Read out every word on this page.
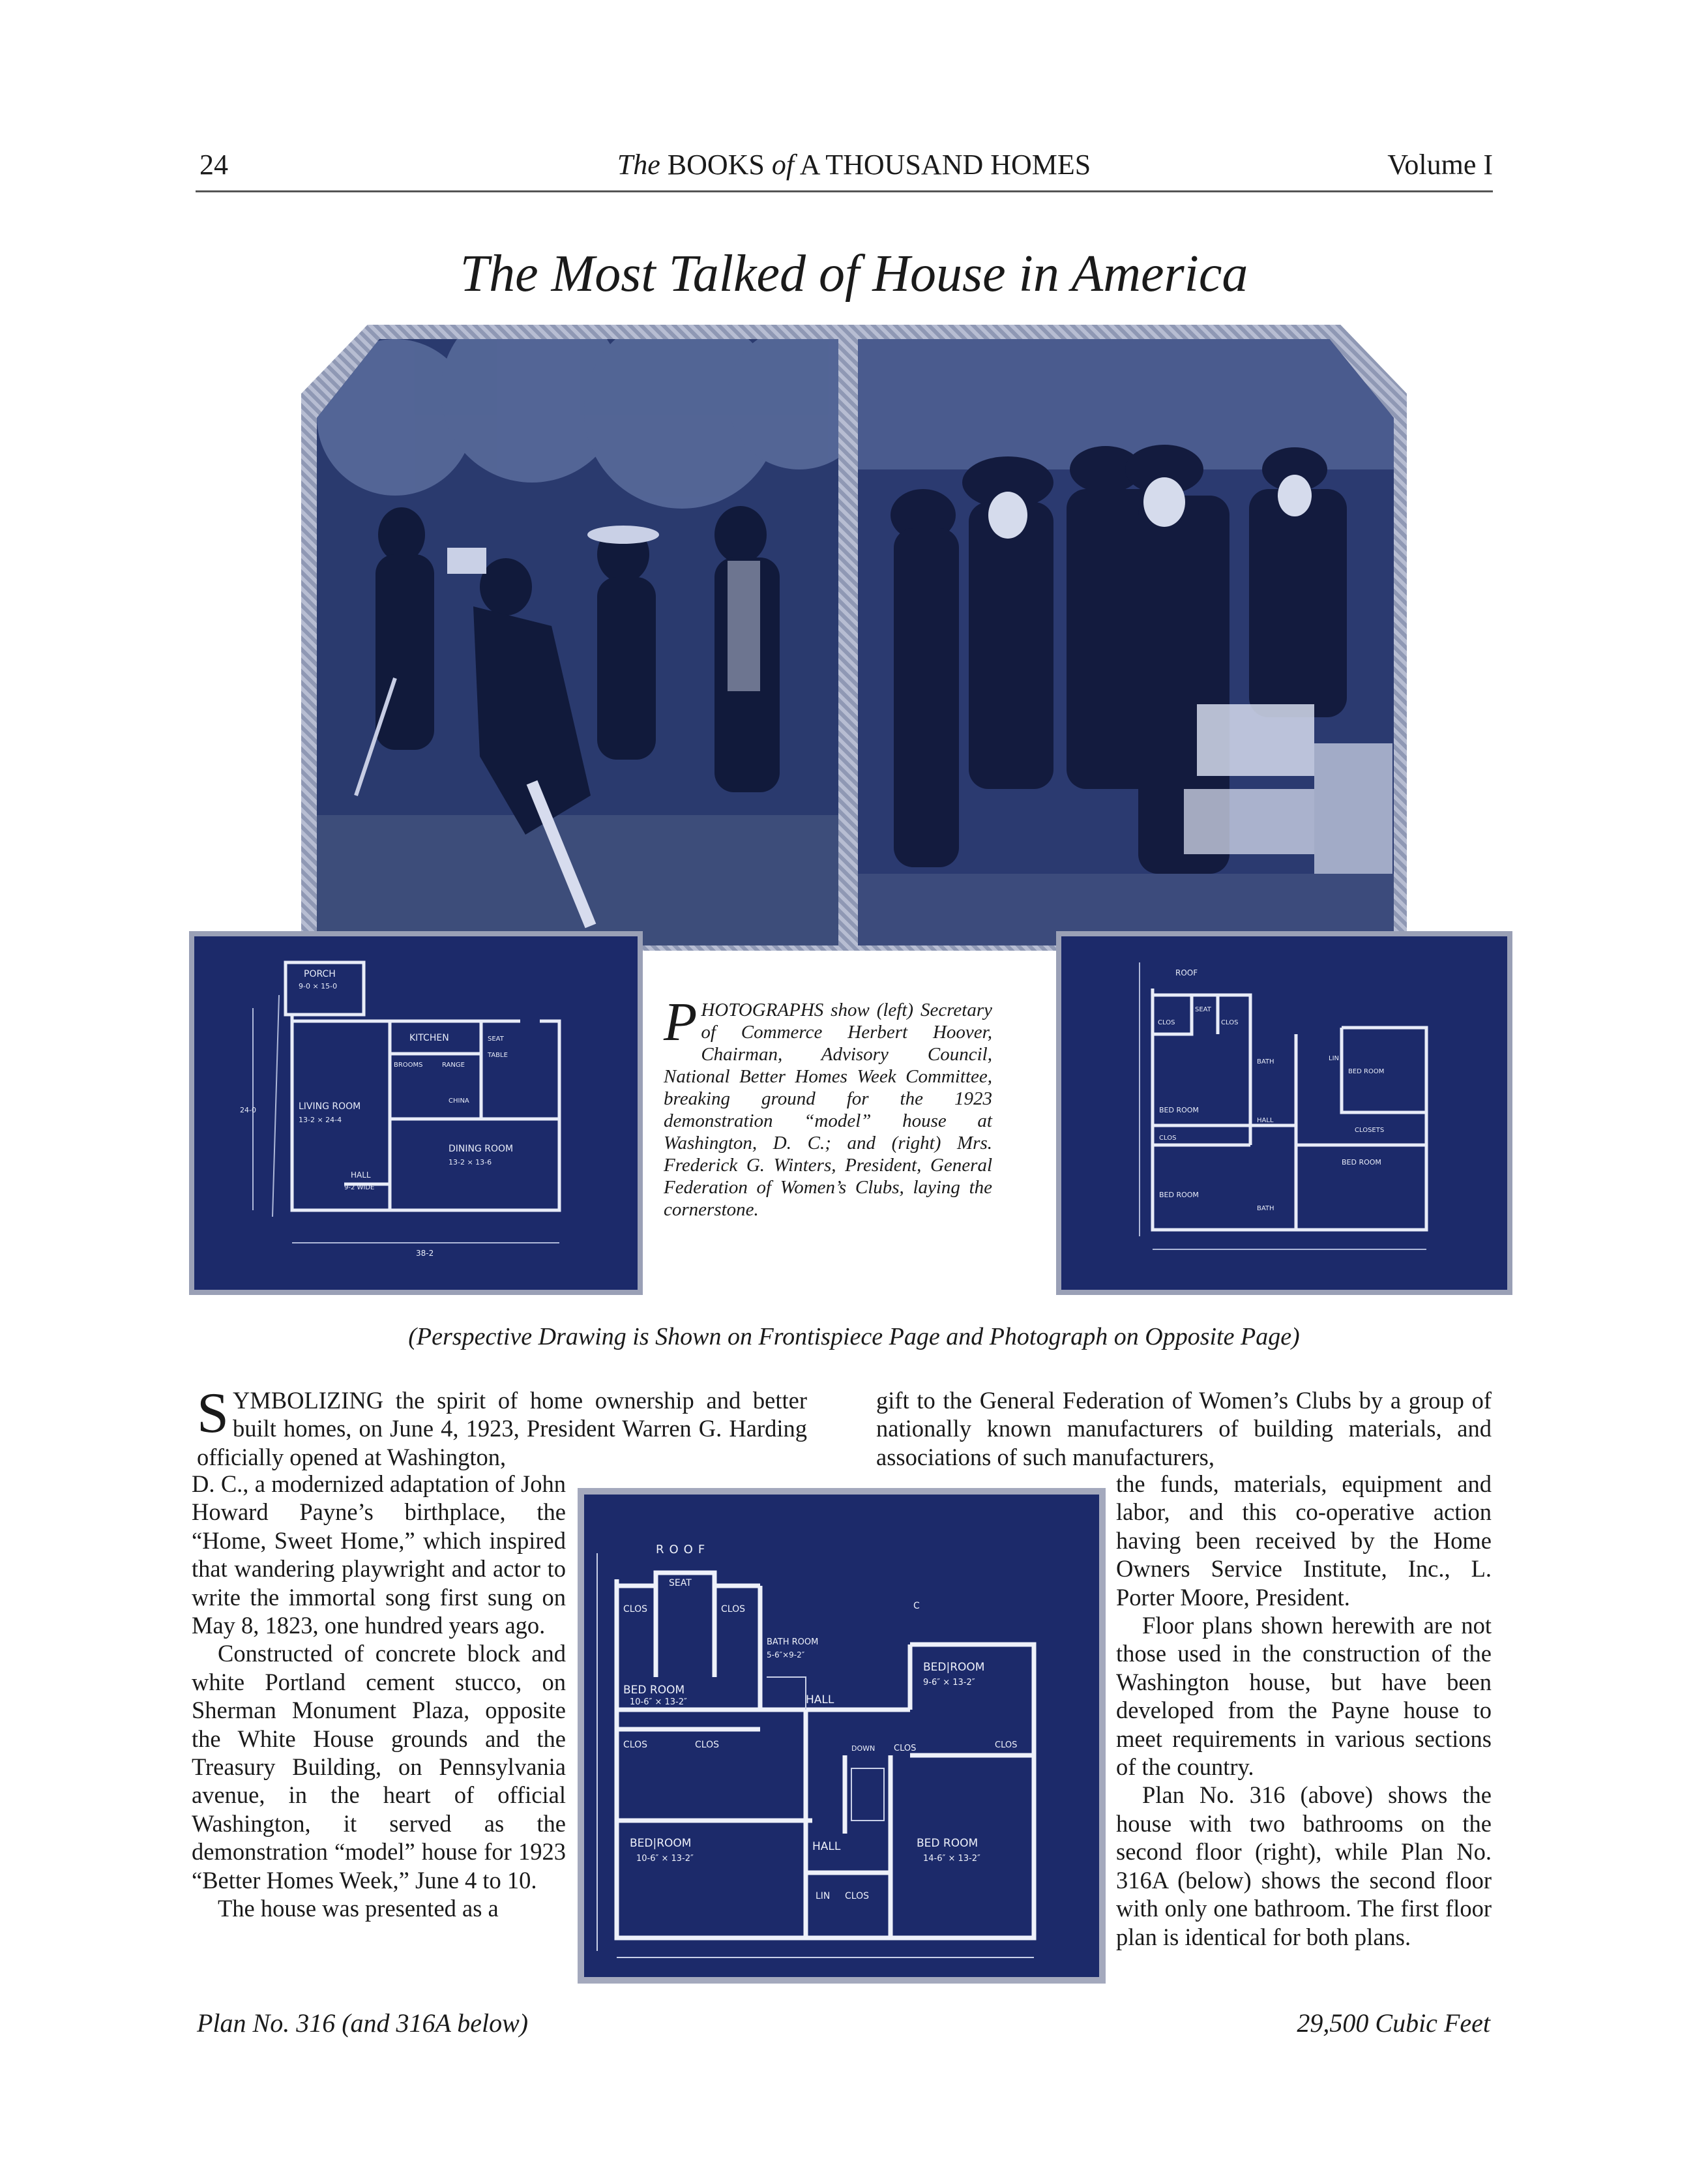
24	The BOOKS of A THOUSAND HOMES	Volume I
The Most Talked of House in America
PORCH
9-0 × 15-0
KITCHEN
BROOMS	RANGE
SEAT
TABLE
CHINA
LIVING ROOM
13-2 × 24-4
DINING ROOM
13-2 × 13-6
HALL
9-2 WIDE
38-2
24-0
PHOTOGRAPHS show (left) Secretary of Commerce Herbert Hoover, Chairman, Advisory Council, National Better Homes Week Committee, breaking ground for the 1923 demonstration “model” house at Washington, D. C.; and (right) Mrs. Frederick G. Winters, President, General Federation of Women’s Clubs, laying the cornerstone.
ROOF
SEAT
CLOS	CLOS
BATH
BED ROOM
BED ROOM
HALL
CLOS
CLOSETS
LIN
BED ROOM
BED ROOM
BATH
(Perspective Drawing is Shown on Frontispiece Page and Photograph on Opposite Page)
SYMBOLIZING the spirit of home ownership and better built homes, on June 4, 1923, President Warren G. Harding officially opened at Washington,

D. C., a modernized adaptation of John Howard Payne’s birthplace, the “Home, Sweet Home,” which inspired that wandering playwright and actor to write the immortal song first sung on May 8, 1823, one hundred years ago.

Constructed of concrete block and white Portland cement stucco, on Sherman Monument Plaza, opposite the White House grounds and the Treasury Building, on Pennsylvania avenue, in the heart of official Washington, it served as the demonstration “model” house for 1923 “Better Homes Week,” June 4 to 10.

The house was presented as a

gift to the General Federation of Women’s Clubs by a group of nationally known manufacturers of building materials, and associations of such manufacturers,

the funds, materials, equipment and labor, and this co-operative action having been received by the Home Owners Service Institute, Inc., L. Porter Moore, President.

Floor plans shown herewith are not those used in the construction of the Washington house, but have been developed from the Payne house to meet requirements in various sections of the country.

Plan No. 316 (above) shows the house with two bathrooms on the second floor (right), while Plan No. 316A (below) shows the second floor with only one bathroom. The first floor plan is identical for both plans.

ROOF
SEAT
CLOS	CLOS
BATH ROOM
5-6″×9-2″
BED|ROOM
9-6″ × 13-2″
BED ROOM
10-6″ × 13-2″	HALL
CLOS	CLOS	DOWN CLOS	CLOS
BED|ROOM
10-6″ × 13-2″
HALL	BED ROOM
14-6″ × 13-2″
LIN CLOS
C
Plan No. 316 (and 316A below)	29,500 Cubic Feet
